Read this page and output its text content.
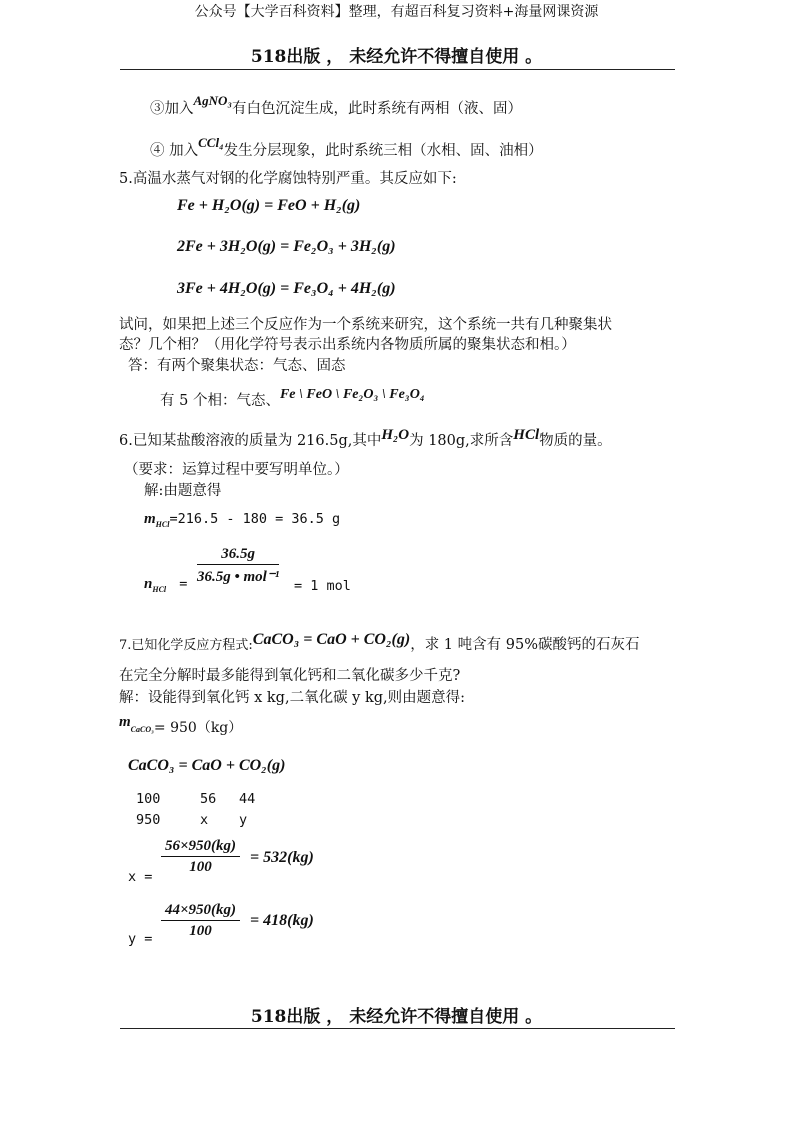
公众号【大学百科资料】整理，有超百科复习资料+海量网课资源
518出版 ， 未经允许不得擅自使用 。
③加入AgNO₃有白色沉淀生成，此时系统有两相（液、固）
④ 加入CCl₄发生分层现象，此时系统三相（水相、固、油相）
5.高温水蒸气对钢的化学腐蚀特别严重。其反应如下:
Fe + H₂O(g) = FeO + H₂(g)
2Fe + 3H₂O(g) = Fe₂O₃ + 3H₂(g)
3Fe + 4H₂O(g) = Fe₃O₄ + 4H₂(g)
试问，如果把上述三个反应作为一个系统来研究，这个系统一共有几种聚集状
态？几个相？（用化学符号表示出系统内各物质所属的聚集状态和相。）
答：有两个聚集状态：气态、固态
有 5 个相：气态、Fe \ FeO \ Fe₂O₃ \ Fe₃O₄
6.已知某盐酸溶液的质量为 216.5g,其中H₂O为 180g,求所含HCl物质的量。
（要求：运算过程中要写明单位。）
解:由题意得
$m_{HCl}=216.5 - 180 = 36.5$ g
$n_{HCl}$ =
36.5g
36.5g • mol⁻¹
= 1 mol
7.已知化学反应方程式:CaCO₃ = CaO + CO₂(g)，求 1 吨含有 95%碳酸钙的石灰石
在完全分解时最多能得到氧化钙和二氧化碳多少千克?
解：设能得到氧化钙 x kg,二氧化碳 y kg,则由题意得:
$m_{CaCO_3}= 950(kg)$
CaCO₃ = CaO + CO₂(g)
100	56 44
950	x y
x =
$\frac{56\times 950(kg)}{100} = 532(kg)$
$y = \frac{44\times 950(kg)}{100} = 418(kg)$
518出版 ， 未经允许不得擅自使用 。
